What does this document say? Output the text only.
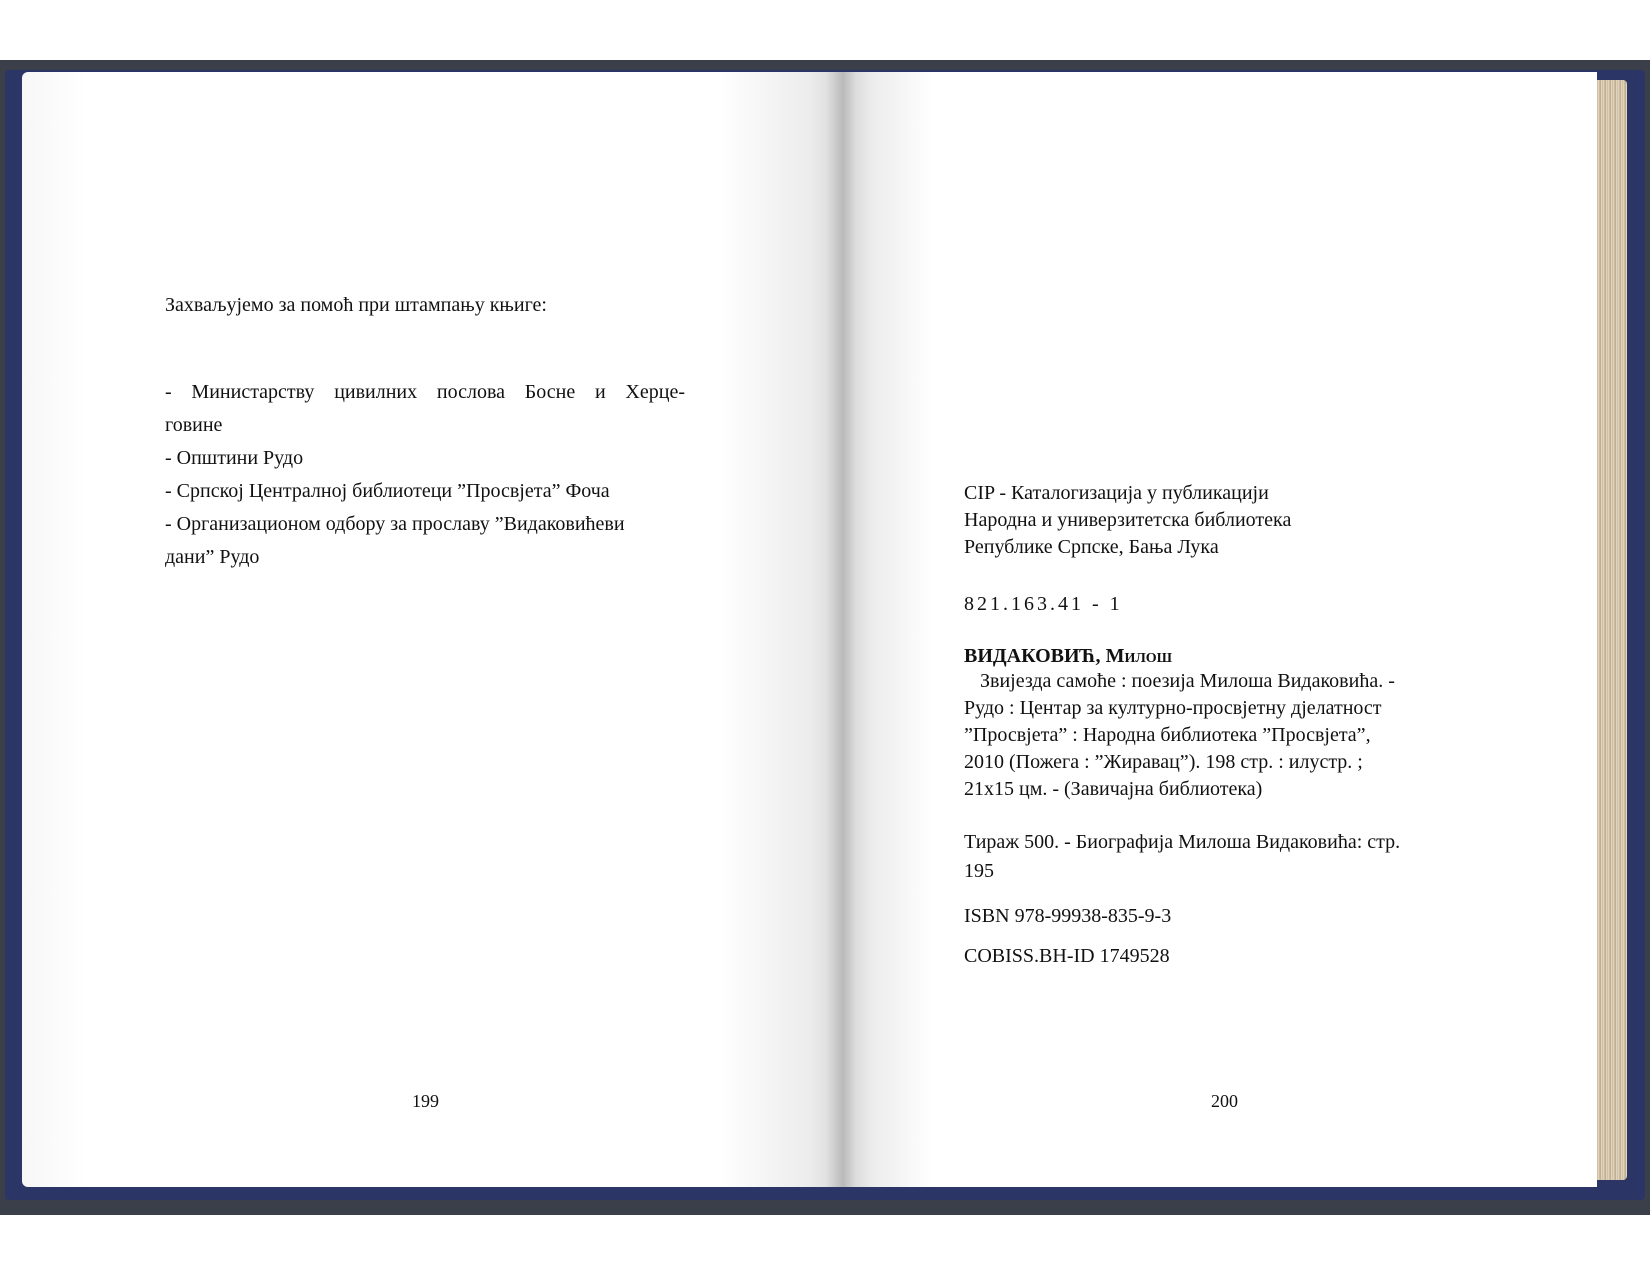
Захваљујемо за помоћ при штампању књиге:
- Министарству цивилних послова Босне и Херце-
говине
- Општини Рудо
- Српској Централној библиотеци ”Просвјета” Фоча
- Организационом одбору за прославу ”Видаковићеви
дани” Рудо
199
CIP - Каталогизација у публикацији
Народна и универзитетска библиотека
Републике Српске, Бања Лука
821.163.41 - 1
ВИДАКОВИЋ, Милош
Звијезда самоће : поезија Милоша Видаковића. -
Рудо : Центар за културно-просвјетну дјелатност
”Просвјета” : Народна библиотека ”Просвјета”,
2010 (Пожега : ”Жиравац”). 198 стр. : илустр. ;
21x15 цм. - (Завичајна библиотека)
Тираж 500. - Биографија Милоша Видаковића: стр.
195
ISBN 978-99938-835-9-3
COBISS.BH-ID 1749528
200
